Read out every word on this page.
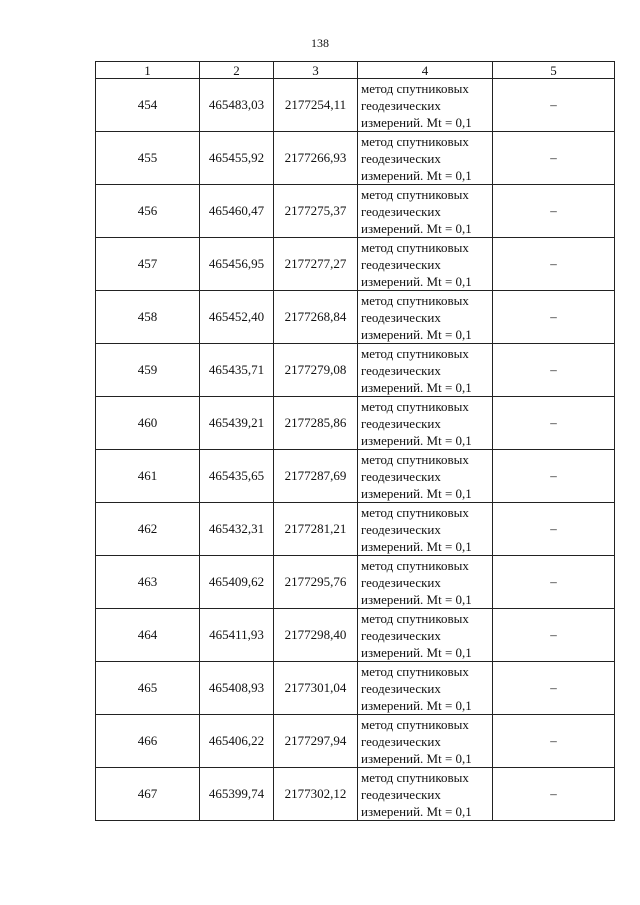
138
1	2	3	4	5
454	465483,03	2177254,11	метод спутниковых
геодезических
измерений. Mt = 0,1	–
455	465455,92	2177266,93	метод спутниковых
геодезических
измерений. Mt = 0,1	–
456	465460,47	2177275,37	метод спутниковых
геодезических
измерений. Mt = 0,1	–
457	465456,95	2177277,27	метод спутниковых
геодезических
измерений. Mt = 0,1	–
458	465452,40	2177268,84	метод спутниковых
геодезических
измерений. Mt = 0,1	–
459	465435,71	2177279,08	метод спутниковых
геодезических
измерений. Mt = 0,1	–
460	465439,21	2177285,86	метод спутниковых
геодезических
измерений. Mt = 0,1	–
461	465435,65	2177287,69	метод спутниковых
геодезических
измерений. Mt = 0,1	–
462	465432,31	2177281,21	метод спутниковых
геодезических
измерений. Mt = 0,1	–
463	465409,62	2177295,76	метод спутниковых
геодезических
измерений. Mt = 0,1	–
464	465411,93	2177298,40	метод спутниковых
геодезических
измерений. Mt = 0,1	–
465	465408,93	2177301,04	метод спутниковых
геодезических
измерений. Mt = 0,1	–
466	465406,22	2177297,94	метод спутниковых
геодезических
измерений. Mt = 0,1	–
467	465399,74	2177302,12	метод спутниковых
геодезических
измерений. Mt = 0,1	–
